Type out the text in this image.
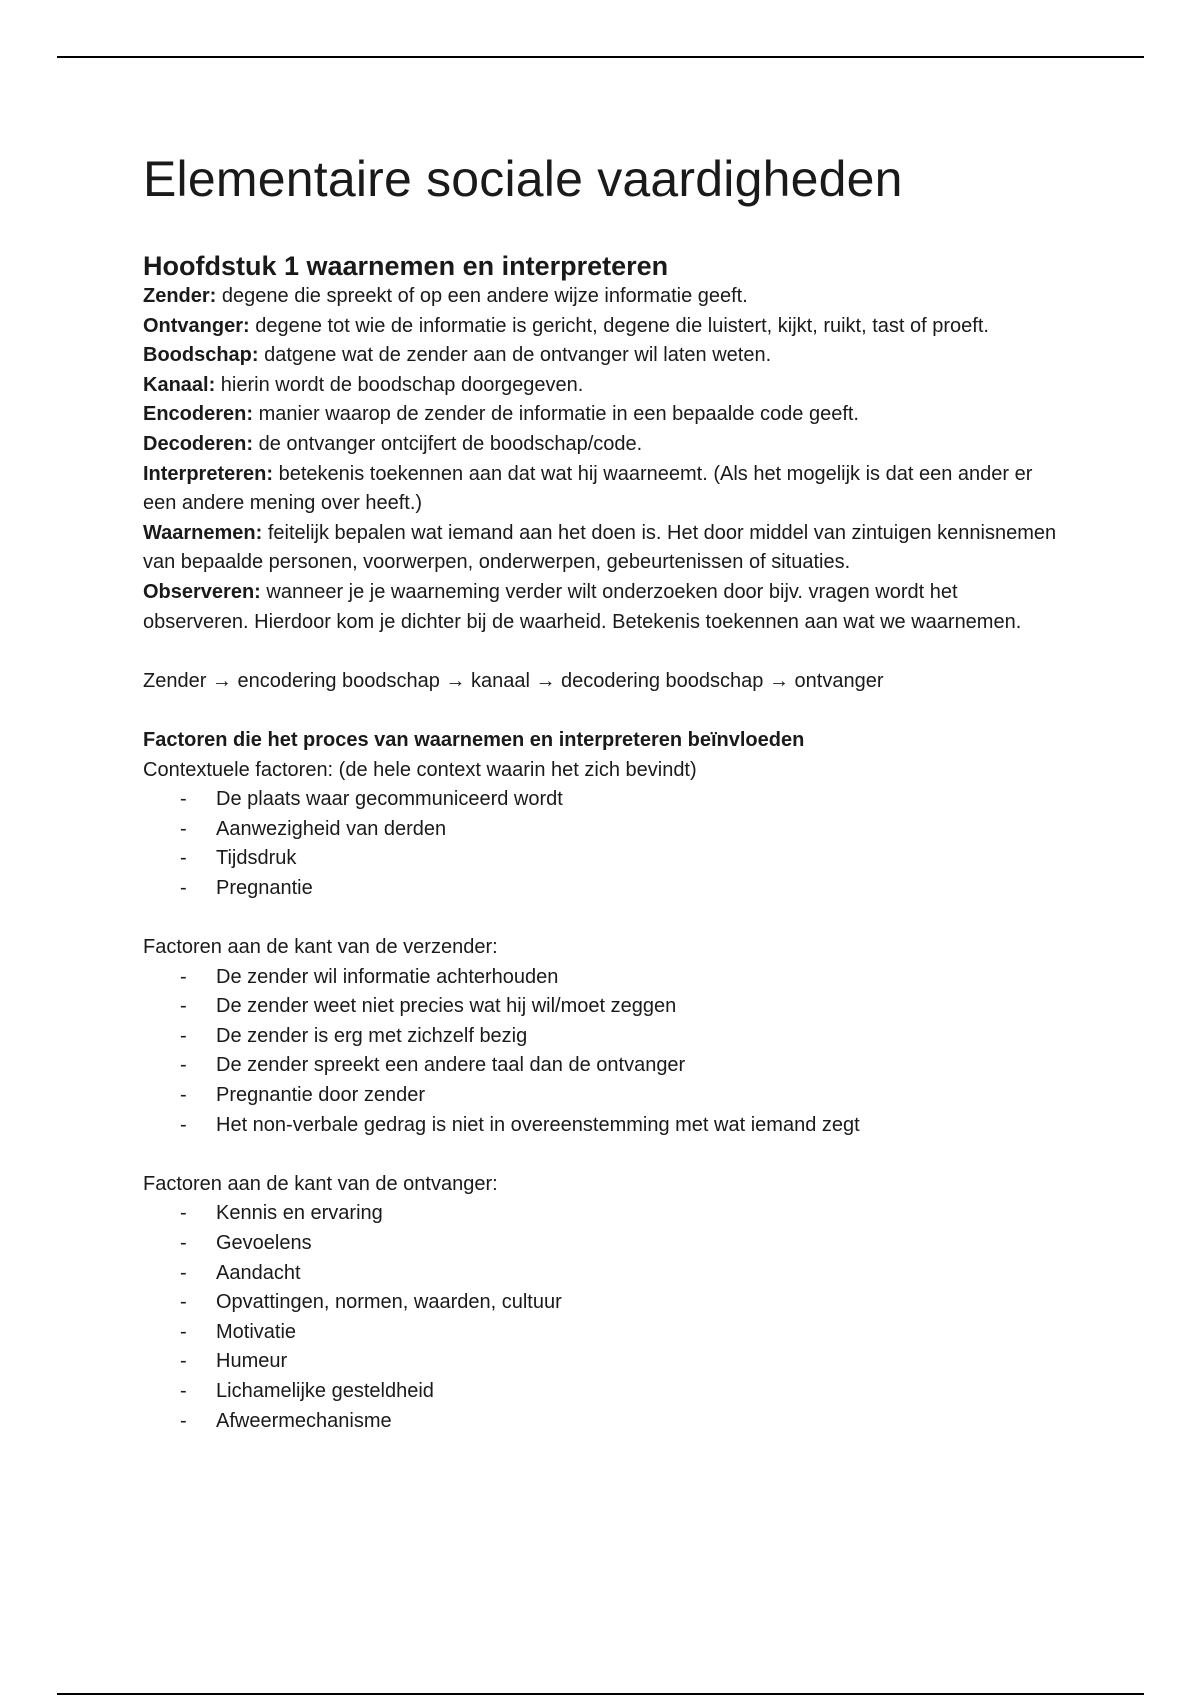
Elementaire sociale vaardigheden
Hoofdstuk 1 waarnemen en interpreteren

Zender: degene die spreekt of op een andere wijze informatie geeft.

Ontvanger: degene tot wie de informatie is gericht, degene die luistert, kijkt, ruikt, tast of proeft.

Boodschap: datgene wat de zender aan de ontvanger wil laten weten.

Kanaal: hierin wordt de boodschap doorgegeven.

Encoderen: manier waarop de zender de informatie in een bepaalde code geeft.

Decoderen: de ontvanger ontcijfert de boodschap/code.

Interpreteren: betekenis toekennen aan dat wat hij waarneemt. (Als het mogelijk is dat een ander er een andere mening over heeft.)

Waarnemen: feitelijk bepalen wat iemand aan het doen is. Het door middel van zintuigen kennisnemen van bepaalde personen, voorwerpen, onderwerpen, gebeurtenissen of situaties.

Observeren: wanneer je je waarneming verder wilt onderzoeken door bijv. vragen wordt het observeren. Hierdoor kom je dichter bij de waarheid. Betekenis toekennen aan wat we waarnemen.

Zender → encodering boodschap → kanaal → decodering boodschap → ontvanger

Factoren die het proces van waarnemen en interpreteren beïnvloeden

Contextuele factoren: (de hele context waarin het zich bevindt)

- De plaats waar gecommuniceerd wordt
- Aanwezigheid van derden
- Tijdsdruk
- Pregnantie

Factoren aan de kant van de verzender:

- De zender wil informatie achterhouden
- De zender weet niet precies wat hij wil/moet zeggen
- De zender is erg met zichzelf bezig
- De zender spreekt een andere taal dan de ontvanger
- Pregnantie door zender
- Het non-verbale gedrag is niet in overeenstemming met wat iemand zegt

Factoren aan de kant van de ontvanger:

- Kennis en ervaring
- Gevoelens
- Aandacht
- Opvattingen, normen, waarden, cultuur
- Motivatie
- Humeur
- Lichamelijke gesteldheid
- Afweermechanisme
